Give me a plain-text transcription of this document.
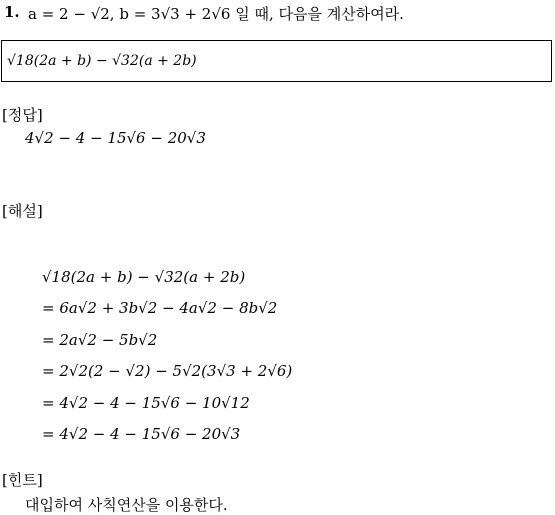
1. a = 2 − √2, b = 3√3 + 2√6 일 때, 다음을 계산하여라.
√18(2a + b) − √32(a + 2b)
[정답]
4√2 − 4 − 15√6 − 20√3
[해설]
√18(2a + b) − √32(a + 2b)
= 6a√2 + 3b√2 − 4a√2 − 8b√2
= 2a√2 − 5b√2
= 2√2(2 − √2) − 5√2(3√3 + 2√6)
= 4√2 − 4 − 15√6 − 10√12
= 4√2 − 4 − 15√6 − 20√3
[힌트]
대입하여 사칙연산을 이용한다.
